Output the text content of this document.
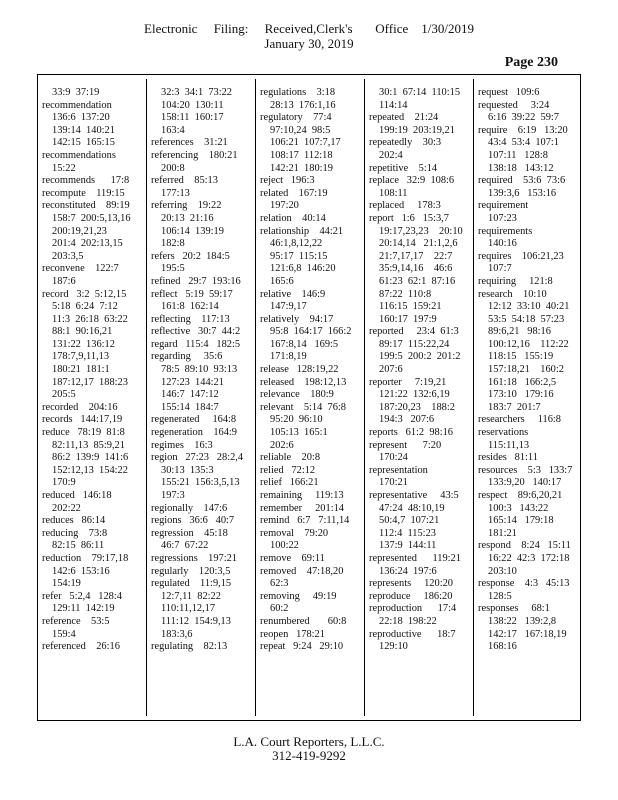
Electronic     Filing:     Received,Clerk's       Office    1/30/2019
January 30, 2019
Page 230
33:9  37:19
recommendation
136:6  137:20
139:14  140:21
142:15  165:15
recommendations
15:22
recommends      17:8
recompute    119:15
reconstituted    89:19
158:7  200:5,13,16
200:19,21,23
201:4  202:13,15
203:3,5
reconvene    122:7
187:6
record   3:2  5:12,15
5:18  6:24  7:12
11:3  26:18  63:22
88:1  90:16,21
131:22  136:12
178:7,9,11,13
180:21  181:1
187:12,17  188:23
205:5
recorded    204:16
records   144:17,19
reduce   78:19  81:8
82:11,13  85:9,21
86:2  139:9  141:6
152:12,13  154:22
170:9
reduced   146:18
202:22
reduces   86:14
reducing    73:8
82:15  86:11
reduction    79:17,18
142:6  153:16
154:19
refer   5:2,4   128:4
129:11  142:19
reference    53:5
159:4
referenced    26:16
32:3  34:1  73:22
104:20  130:11
158:11  160:17
163:4
references    31:21
referencing    180:21
200:8
referred    85:13
177:13
referring    19:22
20:13  21:16
106:14  139:19
182:8
refers   20:2  184:5
195:5
refined   29:7  193:16
reflect   5:19  59:17
161:8  162:14
reflecting    117:13
reflective   30:7  44:2
regard   115:4   182:5
regarding     35:6
78:5  89:10  93:13
127:23  144:21
146:7  147:12
155:14  184:7
regenerated     164:8
regeneration    164:9
regimes    16:3
region   27:23   28:2,4
30:13  135:3
155:21  156:3,5,13
197:3
regionally    147:6
regions   36:6   40:7
regression    45:18
46:7  67:22
regressions    197:21
regularly    120:3,5
regulated    11:9,15
12:7,11  82:22
110:11,12,17
111:12  154:9,13
183:3,6
regulating    82:13
regulations    3:18
28:13  176:1,16
regulatory    77:4
97:10,24  98:5
106:21  107:7,17
108:17  112:18
142:21  180:19
reject   196:3
related    167:19
197:20
relation    40:14
relationship    44:21
46:1,8,12,22
95:17  115:15
121:6,8  146:20
165:6
relative    146:9
147:9,17
relatively    94:17
95:8  164:17  166:2
167:8,14   169:5
171:8,19
release   128:19,22
released    198:12,13
relevance    180:9
relevant    5:14  76:8
95:20  96:10
105:13  165:1
202:6
reliable    20:8
relied   72:12
relief   166:21
remaining     119:13
remember     201:14
remind   6:7   7:11,14
removal    79:20
100:22
remove    69:11
removed    47:18,20
62:3
removing     49:19
60:2
renumbered       60:8
reopen   178:21
repeat   9:24   29:10
30:1  67:14  110:15
114:14
repeated    21:24
199:19  203:19,21
repeatedly    30:3
202:4
repetitive    5:14
replace   32:9  108:6
108:11
replaced     178:3
report   1:6   15:3,7
19:17,23,23    20:10
20:14,14   21:1,2,6
21:7,17,17    22:7
35:9,14,16    46:6
61:23  62:1  87:16
87:22  110:8
116:15  159:21
160:17  197:9
reported     23:4  61:3
89:17  115:22,24
199:5  200:2  201:2
207:6
reporter     7:19,21
121:22  132:6,19
187:20,23    188:2
194:3   207:6
reports   61:2  98:16
represent      7:20
170:24
representation
170:21
representative     43:5
47:24  48:10,19
50:4,7  107:21
112:4  115:23
137:9  144:11
represented      119:21
136:24  197:6
represents     120:20
reproduce     186:20
reproduction      17:4
22:18  198:22
reproductive      18:7
129:10
request   109:6
requested     3:24
6:16  39:22  59:7
require    6:19   13:20
43:4  53:4  107:1
107:11   128:8
138:18   143:12
required    53:6  73:6
139:3,6   153:16
requirement
107:23
requirements
140:16
requires    106:21,23
107:7
requiring     121:8
research    10:10
12:12  33:10  40:21
53:5  54:18  57:23
89:6,21   98:16
100:12,16    112:22
118:15   155:19
157:18,21    160:2
161:18   166:2,5
173:10   179:16
183:7  201:7
researchers     116:8
reservations
115:11,13
resides   81:11
resources    5:3   133:7
133:9,20   140:17
respect    89:6,20,21
100:3   143:22
165:14   179:18
181:21
respond    8:24   15:11
16:22  42:3  172:18
203:10
response    4:3   45:13
128:5
responses     68:1
138:22   139:2,8
142:17   167:18,19
168:16
L.A. Court Reporters, L.L.C.
312-419-9292
